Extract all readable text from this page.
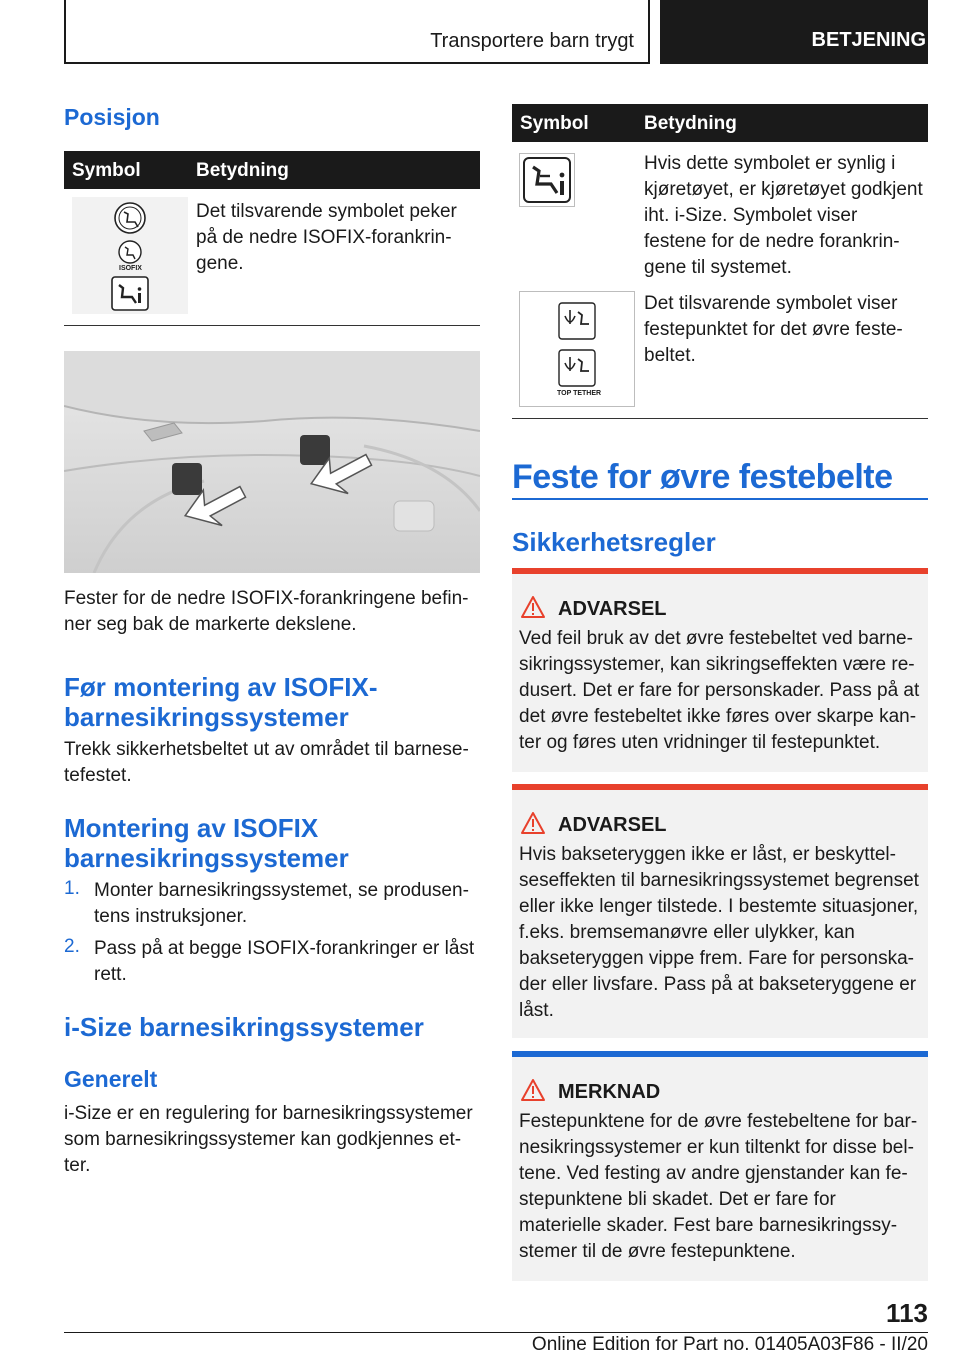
Transportere barn trygt	BETJENING
Posisjon
Symbol	Betydning
ISOFIX
Det tilsvarende symbolet peker på de nedre ISOFIX-forankringene.
Fester for de nedre ISOFIX-forankringene befinner seg bak de markerte dekslene.
Før montering av ISOFIX-barnesikringssystemer
Trekk sikkerhetsbeltet ut av området til barnesetefestet.
Montering av ISOFIX barnesikringssystemer
1. Monter barnesikringssystemet, se produsentens instruksjoner.
2. Pass på at begge ISOFIX-forankringer er låst rett.
i-Size barnesikringssystemer
Generelt
i-Size er en regulering for barnesikringssystemer som barnesikringssystemer kan godkjennes etter.
Symbol	Betydning
Hvis dette symbolet er synlig i kjøretøyet, er kjøretøyet godkjent iht. i-Size. Symbolet viser festene for de nedre forankringene til systemet.
TOP TETHER
Det tilsvarende symbolet viser festepunktet for det øvre festebeltet.
Feste for øvre festebelte
Sikkerhetsregler
ADVARSEL
Ved feil bruk av det øvre festebeltet ved barnesikringssystemer, kan sikringseffekten være redusert. Det er fare for personskader. Pass på at det øvre festebeltet ikke føres over skarpe kanter og føres uten vridninger til festepunktet.
ADVARSEL
Hvis bakseteryggen ikke er låst, er beskyttelseseffekten til barnesikringssystemet begrenset eller ikke lenger tilstede. I bestemte situasjoner, f.eks. bremsemanøvre eller ulykker, kan bakseteryggen vippe frem. Fare for personskader eller livsfare. Pass på at bakseteryggene er låst.
MERKNAD
Festepunktene for de øvre festebeltene for barnesikringssystemer er kun tiltenkt for disse beltene. Ved festing av andre gjenstander kan festepunktene bli skadet. Det er fare for materielle skader. Fest bare barnesikringssystemer til de øvre festepunktene.
113
Online Edition for Part no. 01405A03F86 - II/20
